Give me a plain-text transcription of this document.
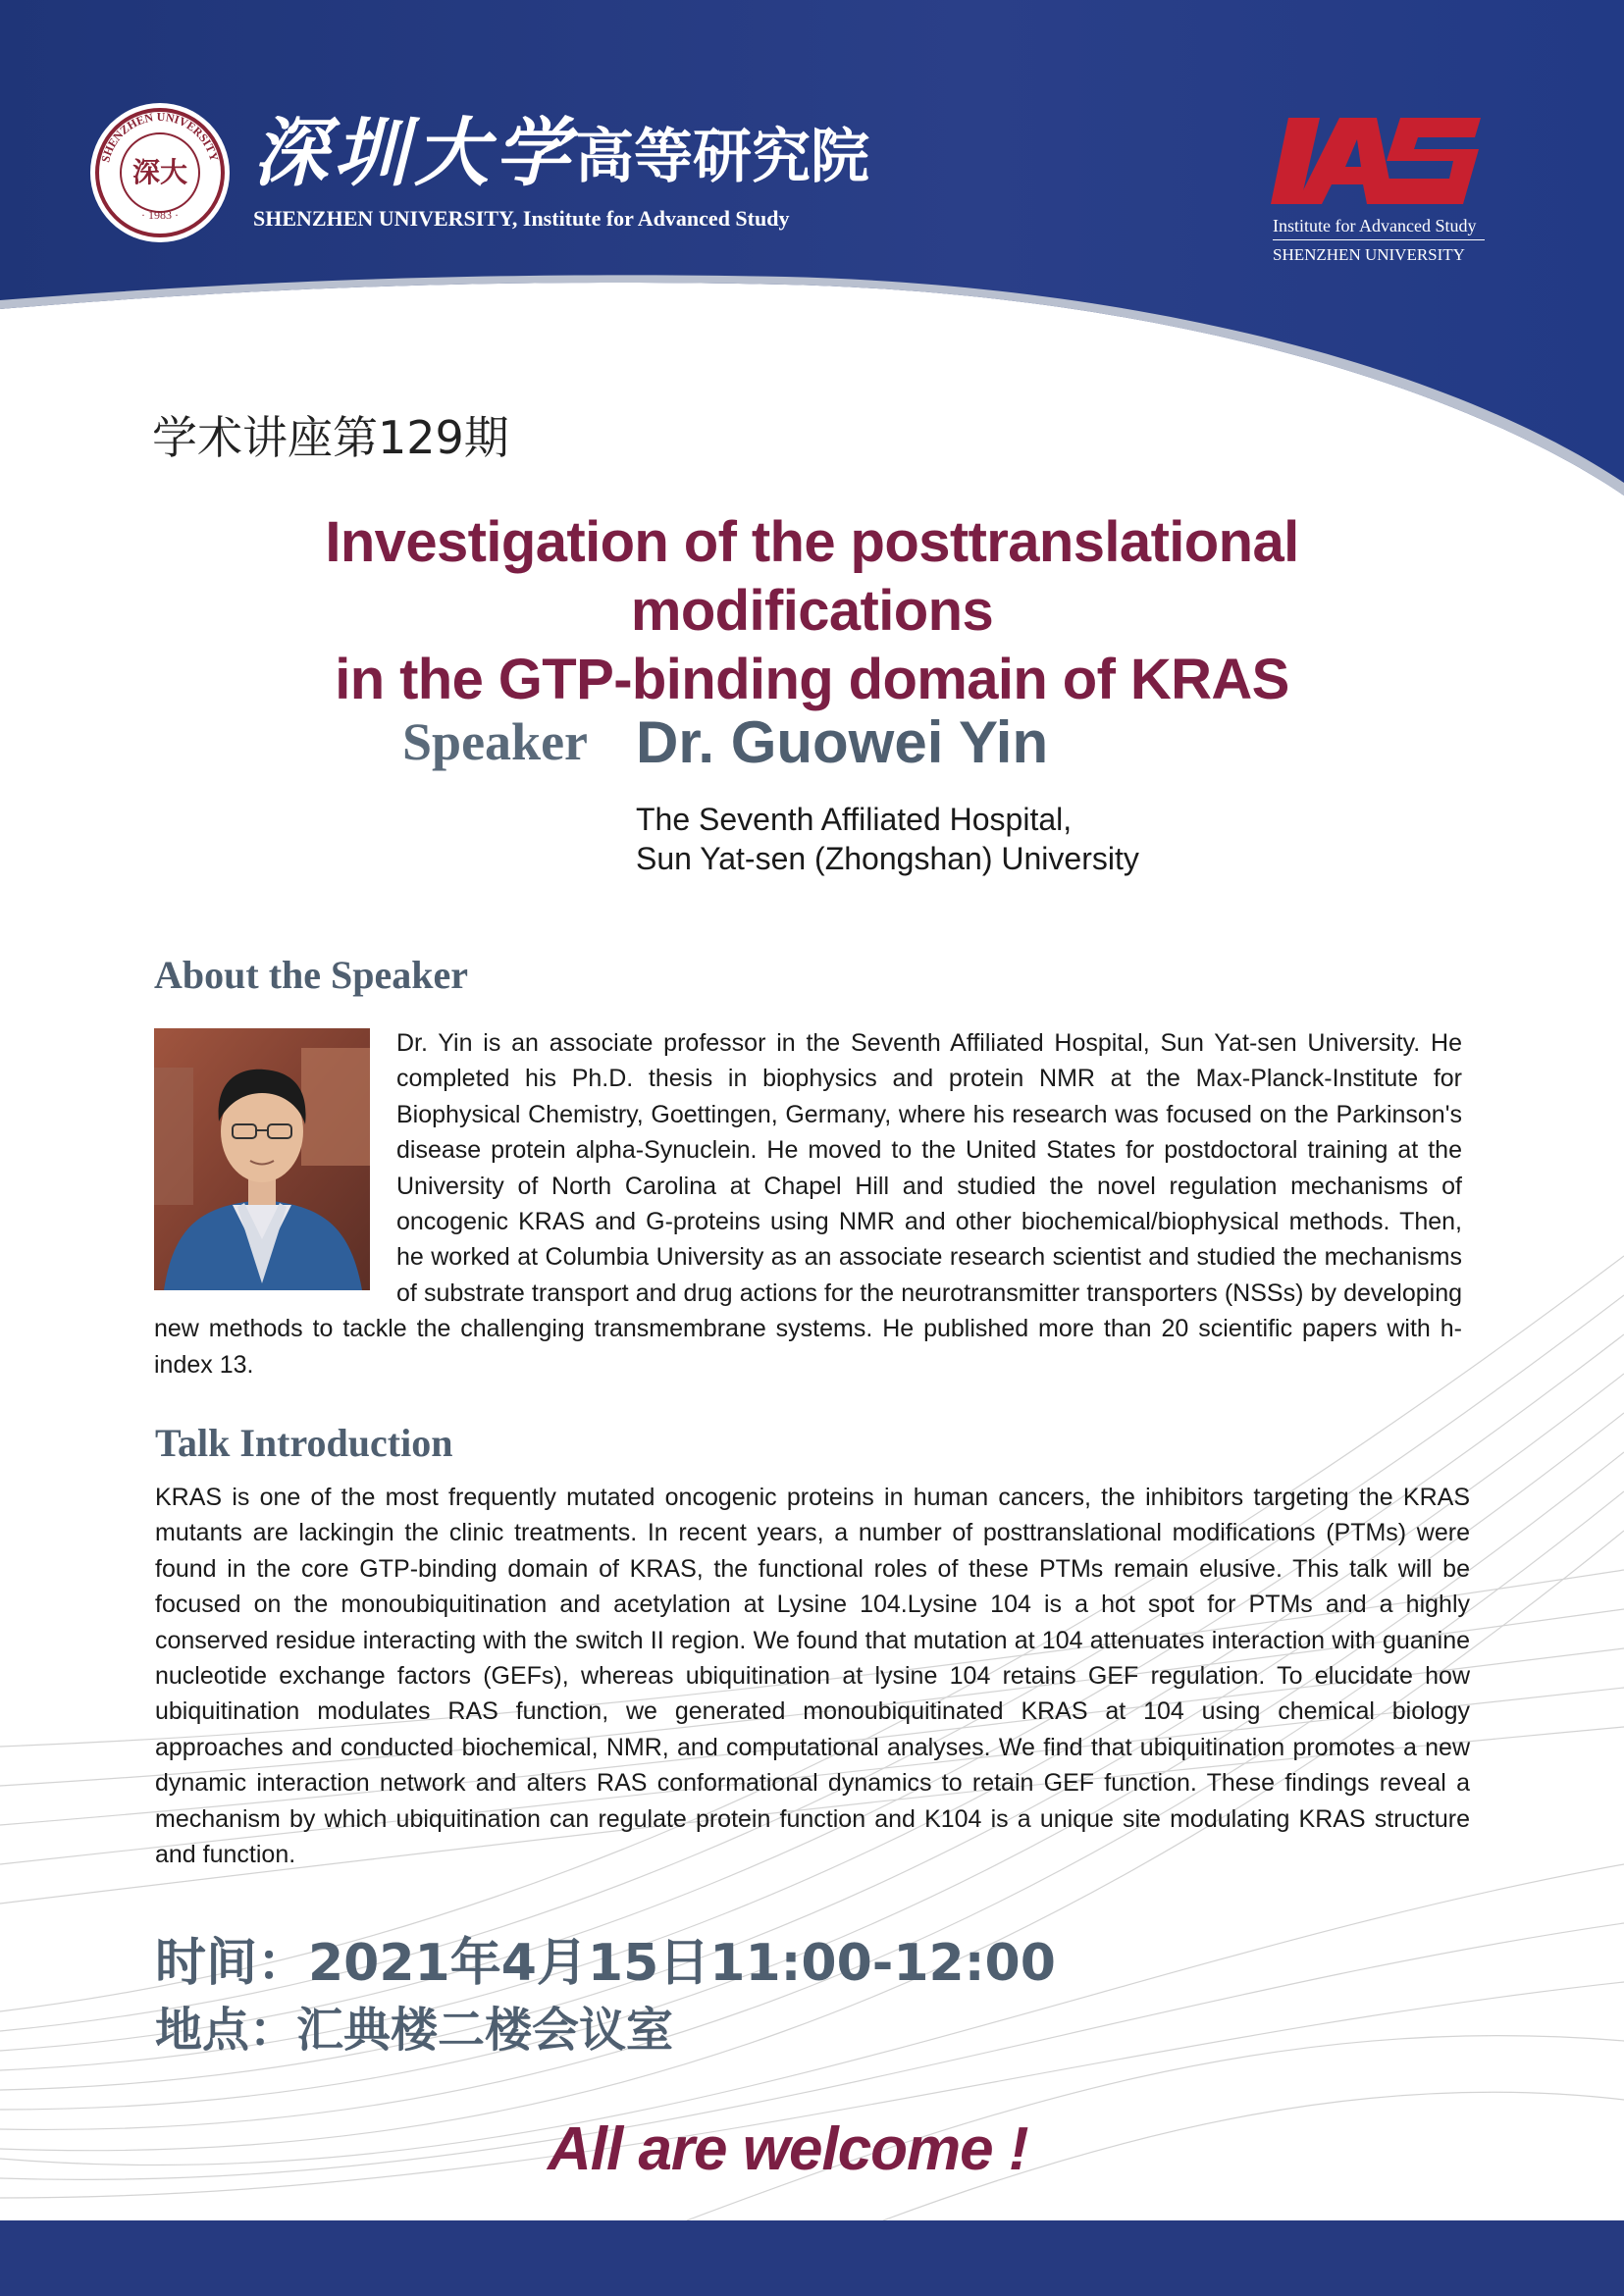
SHENZHEN UNIVERSITY
· 1983 ·
深大 深圳大学 高等研究院
SHENZHEN UNIVERSITY, Institute for Advanced Study	Institute for Advanced Study
SHENZHEN UNIVERSITY
学术讲座第129期
Investigation of the posttranslational modifications
in the GTP-binding domain of KRAS
Speaker Dr. Guowei Yin
The Seventh Affiliated Hospital,
Sun Yat-sen (Zhongshan) University
About the Speaker
Dr. Yin is an associate professor in the Seventh Affiliated Hospital, Sun Yat-sen University. He completed his Ph.D. thesis in biophysics and protein NMR at the Max-Planck-Institute for Biophysical Chemistry, Goettingen, Germany, where his research was focused on the Parkinson's disease protein alpha-Synuclein. He moved to the United States for postdoctoral training at the University of North Carolina at Chapel Hill and studied the novel regulation mechanisms of oncogenic KRAS and G-proteins using NMR and other biochemical/biophysical methods. Then, he worked at Columbia University as an associate research scientist and studied the mechanisms of substrate transport and drug actions for the neurotransmitter transporters (NSSs) by developing new methods to tackle the challenging transmembrane systems. He published more than 20 scientific papers with h-index 13.
Talk Introduction
KRAS is one of the most frequently mutated oncogenic proteins in human cancers, the inhibitors targeting the KRAS mutants are lackingin the clinic treatments. In recent years, a number of posttranslational modifications (PTMs) were found in the core GTP-binding domain of KRAS, the functional roles of these PTMs remain elusive. This talk will be focused on the monoubiquitination and acetylation at Lysine 104.Lysine 104 is a hot spot for PTMs and a highly conserved residue interacting with the switch II region. We found that mutation at 104 attenuates interaction with guanine nucleotide exchange factors (GEFs), whereas ubiquitination at lysine 104 retains GEF regulation. To elucidate how ubiquitination modulates RAS function, we generated monoubiquitinated KRAS at 104 using chemical biology approaches and conducted biochemical, NMR, and computational analyses. We find that ubiquitination promotes a new dynamic interaction network and alters RAS conformational dynamics to retain GEF function. These findings reveal a mechanism by which ubiquitination can regulate protein function and K104 is a unique site modulating KRAS structure and function.
时间：2021年4月15日11:00-12:00
地点：汇典楼二楼会议室
All are welcome !
